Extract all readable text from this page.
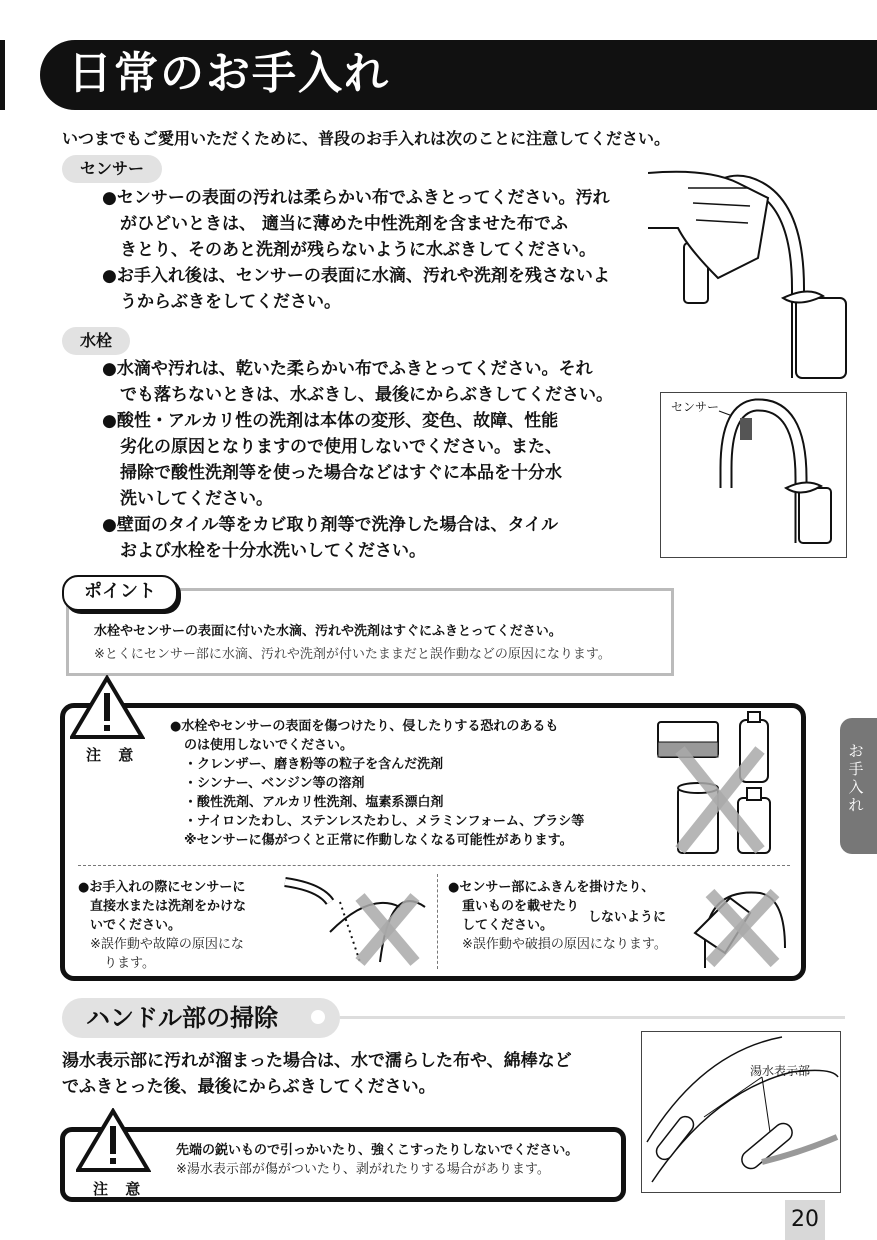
日常のお手入れ
いつまでもご愛用いただくために、普段のお手入れは次のことに注意してください。
センサー
●センサーの表面の汚れは柔らかい布でふきとってください。汚れ
がひどいときは、 適当に薄めた中性洗剤を含ませた布でふ
きとり、そのあと洗剤が残らないように水ぶきしてください。
●お手入れ後は、センサーの表面に水滴、汚れや洗剤を残さないよ
うからぶきをしてください。
水栓
●水滴や汚れは、乾いた柔らかい布でふきとってください。それ
でも落ちないときは、水ぶきし、最後にからぶきしてください。
●酸性・アルカリ性の洗剤は本体の変形、変色、故障、性能
劣化の原因となりますので使用しないでください。また、
掃除で酸性洗剤等を使った場合などはすぐに本品を十分水
洗いしてください。
●壁面のタイル等をカビ取り剤等で洗浄した場合は、タイル
および水栓を十分水洗いしてください。
センサー
ポイント
水栓やセンサーの表面に付いた水滴、汚れや洗剤はすぐにふきとってください。
※とくにセンサー部に水滴、汚れや洗剤が付いたままだと誤作動などの原因になります。
注 意
●水栓やセンサーの表面を傷つけたり、侵したりする恐れのあるも
のは使用しないでください。
・クレンザー、磨き粉等の粒子を含んだ洗剤
・シンナー、ベンジン等の溶剤
・酸性洗剤、アルカリ性洗剤、塩素系漂白剤
・ナイロンたわし、ステンレスたわし、メラミンフォーム、ブラシ等
※センサーに傷がつくと正常に作動しなくなる可能性があります。
●お手入れの際にセンサーに
直接水または洗剤をかけな
いでください。
※誤作動や故障の原因にな
ります。
●センサー部にふきんを掛けたり、
重いものを載せたり
してください。
※誤作動や破損の原因になります。
しないように
お手入れ
ハンドル部の掃除
湯水表示部に汚れが溜まった場合は、水で濡らした布や、綿棒など
でふきとった後、最後にからぶきしてください。
湯水表示部
注 意
先端の鋭いもので引っかいたり、強くこすったりしないでください。
※湯水表示部が傷がついたり、剥がれたりする場合があります。
20
